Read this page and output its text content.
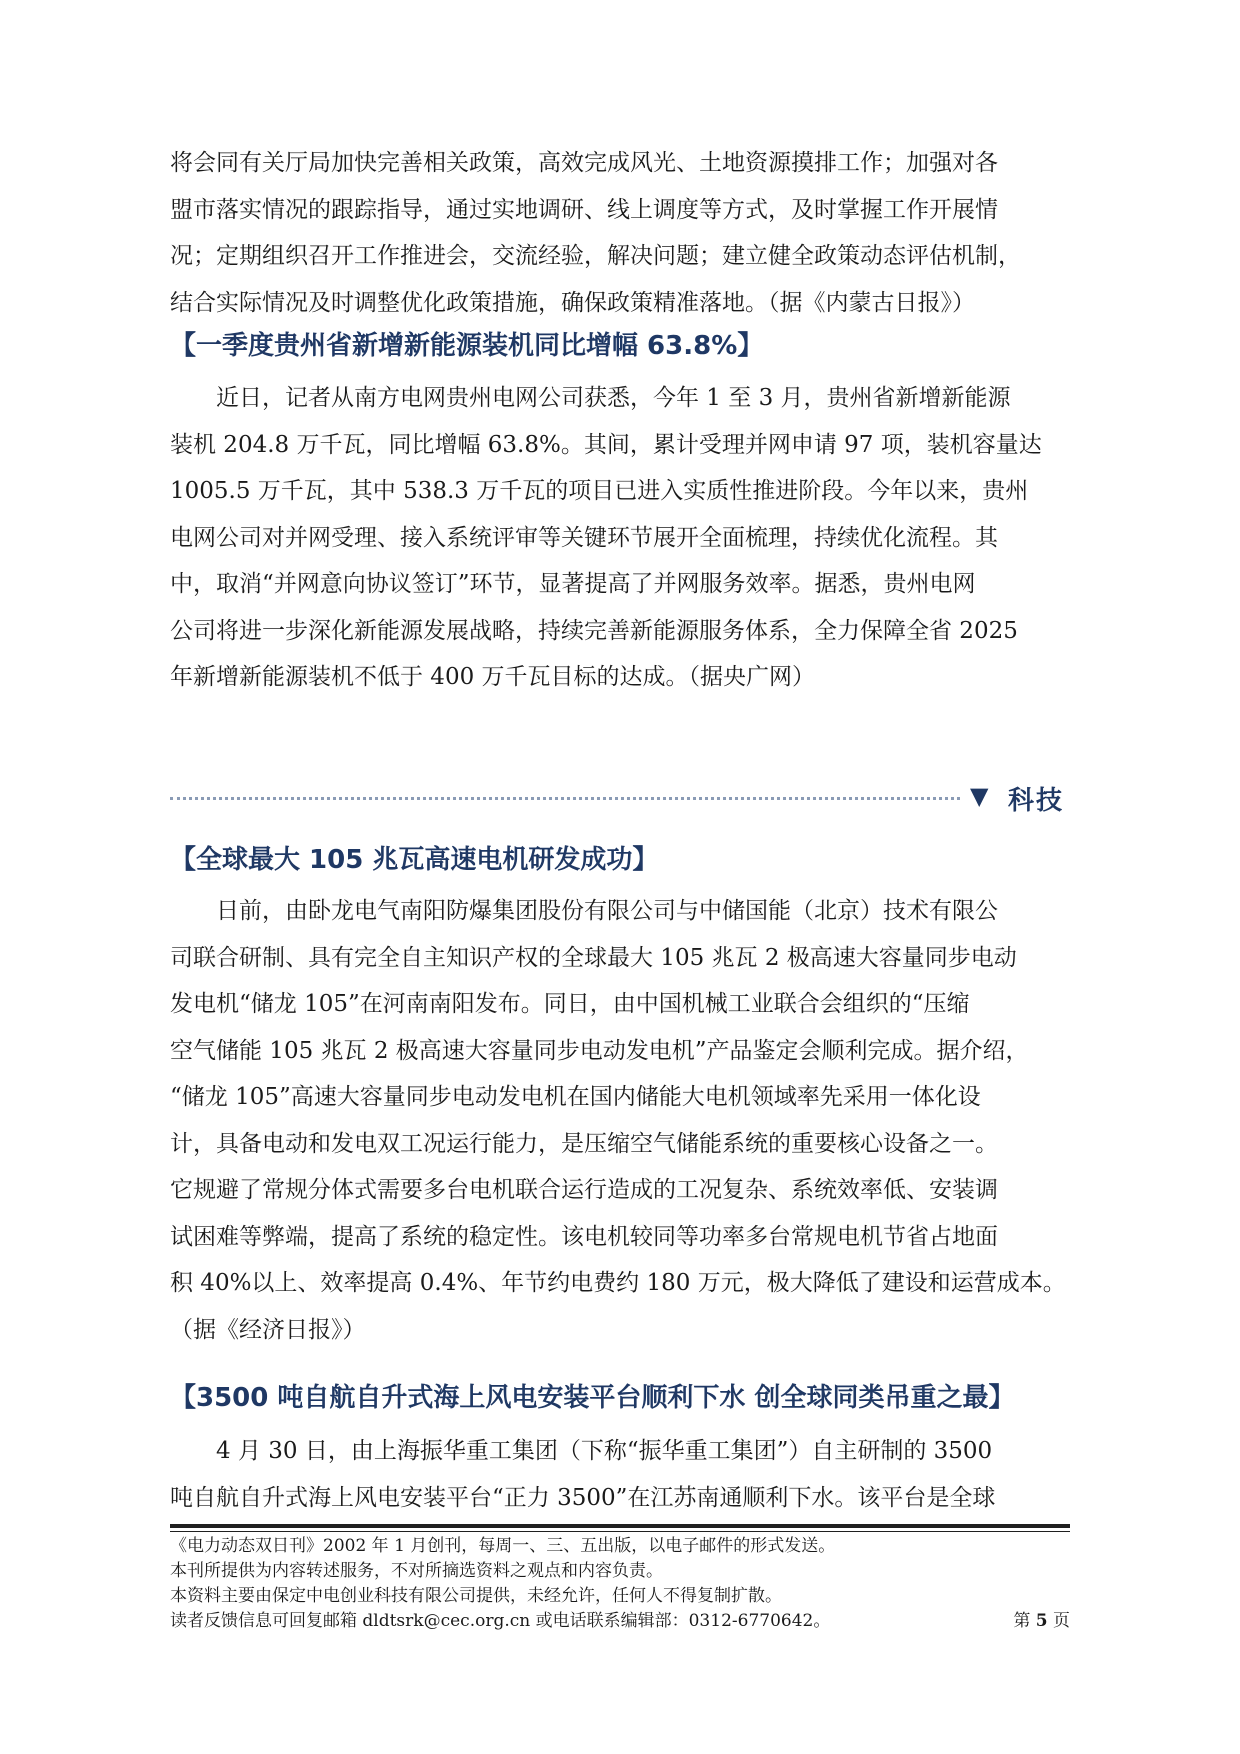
将会同有关厅局加快完善相关政策，高效完成风光、土地资源摸排工作；加强对各

盟市落实情况的跟踪指导，通过实地调研、线上调度等方式，及时掌握工作开展情

况；定期组织召开工作推进会，交流经验，解决问题；建立健全政策动态评估机制，

结合实际情况及时调整优化政策措施，确保政策精准落地。（据《内蒙古日报》）

【一季度贵州省新增新能源装机同比增幅 63.8%】

近日，记者从南方电网贵州电网公司获悉，今年 1 至 3 月，贵州省新增新能源

装机 204.8 万千瓦，同比增幅 63.8%。其间，累计受理并网申请 97 项，装机容量达

1005.5 万千瓦，其中 538.3 万千瓦的项目已进入实质性推进阶段。今年以来，贵州

电网公司对并网受理、接入系统评审等关键环节展开全面梳理，持续优化流程。其

中，取消“并网意向协议签订”环节，显著提高了并网服务效率。据悉，贵州电网

公司将进一步深化新能源发展战略，持续完善新能源服务体系，全力保障全省 2025

年新增新能源装机不低于 400 万千瓦目标的达成。（据央广网）

▼ 科技
【全球最大 105 兆瓦高速电机研发成功】

日前，由卧龙电气南阳防爆集团股份有限公司与中储国能（北京）技术有限公

司联合研制、具有完全自主知识产权的全球最大 105 兆瓦 2 极高速大容量同步电动

发电机“储龙 105”在河南南阳发布。同日，由中国机械工业联合会组织的“压缩

空气储能 105 兆瓦 2 极高速大容量同步电动发电机”产品鉴定会顺利完成。据介绍，

“储龙 105”高速大容量同步电动发电机在国内储能大电机领域率先采用一体化设

计，具备电动和发电双工况运行能力，是压缩空气储能系统的重要核心设备之一。

它规避了常规分体式需要多台电机联合运行造成的工况复杂、系统效率低、安装调

试困难等弊端，提高了系统的稳定性。该电机较同等功率多台常规电机节省占地面

积 40%以上、效率提高 0.4%、年节约电费约 180 万元，极大降低了建设和运营成本。

（据《经济日报》）

【3500 吨自航自升式海上风电安装平台顺利下水 创全球同类吊重之最】

4 月 30 日，由上海振华重工集团（下称“振华重工集团”）自主研制的 3500

吨自航自升式海上风电安装平台“正力 3500”在江苏南通顺利下水。该平台是全球

《电力动态双日刊》2002 年 1 月创刊，每周一、三、五出版，以电子邮件的形式发送。

本刊所提供为内容转述服务，不对所摘选资料之观点和内容负责。

本资料主要由保定中电创业科技有限公司提供，未经允许，任何人不得复制扩散。

读者反馈信息可回复邮箱 dldtsrk@cec.org.cn 或电话联系编辑部：0312-6770642。	第 5 页
